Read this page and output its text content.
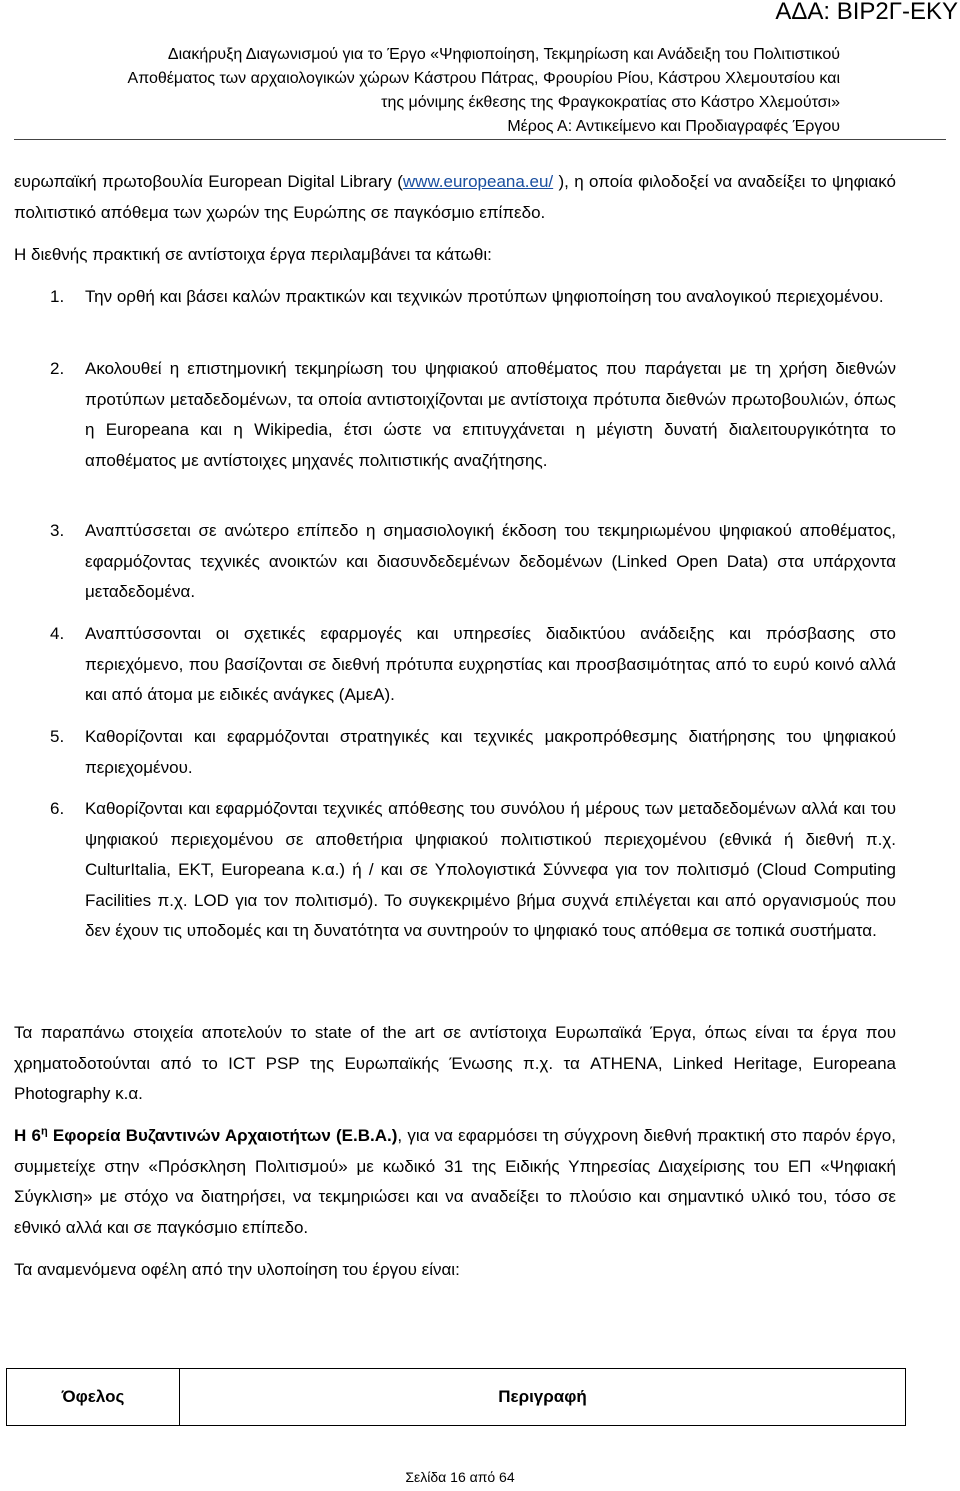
ΑΔΑ: ΒΙΡ2Γ-ΕΚΥ
Διακήρυξη Διαγωνισμού για το Έργο «Ψηφιοποίηση, Τεκμηρίωση και Ανάδειξη του Πολιτιστικού
Αποθέματος των αρχαιολογικών χώρων Κάστρου Πάτρας, Φρουρίου Ρίου, Κάστρου Χλεμουτσίου και
της μόνιμης έκθεσης της Φραγκοκρατίας στο Κάστρο Χλεμούτσι»
Μέρος Α: Αντικείμενο και Προδιαγραφές Έργου

ευρωπαϊκή πρωτοβουλία European Digital Library (www.europeana.eu/ ), η οποία φιλοδοξεί να αναδείξει το ψηφιακό πολιτιστικό απόθεμα των χωρών της Ευρώπης σε παγκόσμιο επίπεδο.

Η διεθνής πρακτική σε αντίστοιχα έργα περιλαμβάνει τα κάτωθι:

1.	Την ορθή και βάσει καλών πρακτικών και τεχνικών προτύπων ψηφιοποίηση του αναλογικού περιεχομένου.
2.	Ακολουθεί η επιστημονική τεκμηρίωση του ψηφιακού αποθέματος που παράγεται με τη χρήση διεθνών προτύπων μεταδεδομένων, τα οποία αντιστοιχίζονται με αντίστοιχα πρότυπα διεθνών πρωτοβουλιών, όπως η Europeana και η Wikipedia, έτσι ώστε να επιτυγχάνεται η μέγιστη δυνατή διαλειτουργικότητα το αποθέματος με αντίστοιχες μηχανές πολιτιστικής αναζήτησης.
3.	Αναπτύσσεται σε ανώτερο επίπεδο η σημασιολογική έκδοση του τεκμηριωμένου ψηφιακού αποθέματος, εφαρμόζοντας τεχνικές ανοικτών και διασυνδεδεμένων δεδομένων (Linked Open Data) στα υπάρχοντα μεταδεδομένα.
4.	Αναπτύσσονται οι σχετικές εφαρμογές και υπηρεσίες διαδικτύου ανάδειξης και πρόσβασης στο περιεχόμενο, που βασίζονται σε διεθνή πρότυπα ευχρηστίας και προσβασιμότητας από το ευρύ κοινό αλλά και από άτομα με ειδικές ανάγκες (ΑμεΑ).
5.	Καθορίζονται και εφαρμόζονται στρατηγικές και τεχνικές μακροπρόθεσμης διατήρησης του ψηφιακού περιεχομένου.
6.	Καθορίζονται και εφαρμόζονται τεχνικές απόθεσης του συνόλου ή μέρους των μεταδεδομένων αλλά και του ψηφιακού περιεχομένου σε αποθετήρια ψηφιακού πολιτιστικού περιεχομένου (εθνικά ή διεθνή π.χ. CulturItalia, ΕΚΤ, Europeana κ.α.) ή / και σε Υπολογιστικά Σύννεφα για τον πολιτισμό (Cloud Computing Facilities π.χ. LOD για τον πολιτισμό). Το συγκεκριμένο βήμα συχνά επιλέγεται και από οργανισμούς που δεν έχουν τις υποδομές και τη δυνατότητα να συντηρούν το ψηφιακό τους απόθεμα σε τοπικά συστήματα.

Τα παραπάνω στοιχεία αποτελούν το state of the art σε αντίστοιχα Ευρωπαϊκά Έργα, όπως είναι τα έργα που χρηματοδοτούνται από το ICT PSP της Ευρωπαϊκής Ένωσης π.χ. τα ATHENA, Linked Heritage, Europeana Photography κ.α.

Η $6^\eta$ Εφορεία Βυζαντινών Αρχαιοτήτων (Ε.Β.Α.), για να εφαρμόσει τη σύγχρονη διεθνή πρακτική στο παρόν έργο, συμμετείχε στην «Πρόσκληση Πολιτισμού» με κωδικό 31 της Ειδικής Υπηρεσίας Διαχείρισης του ΕΠ «Ψηφιακή Σύγκλιση» με στόχο να διατηρήσει, να τεκμηριώσει και να αναδείξει το πλούσιο και σημαντικό υλικό του, τόσο σε εθνικό αλλά και σε παγκόσμιο επίπεδο.

Τα αναμενόμενα οφέλη από την υλοποίηση του έργου είναι:

Όφελος	Περιγραφή
Σελίδα 16 από 64
